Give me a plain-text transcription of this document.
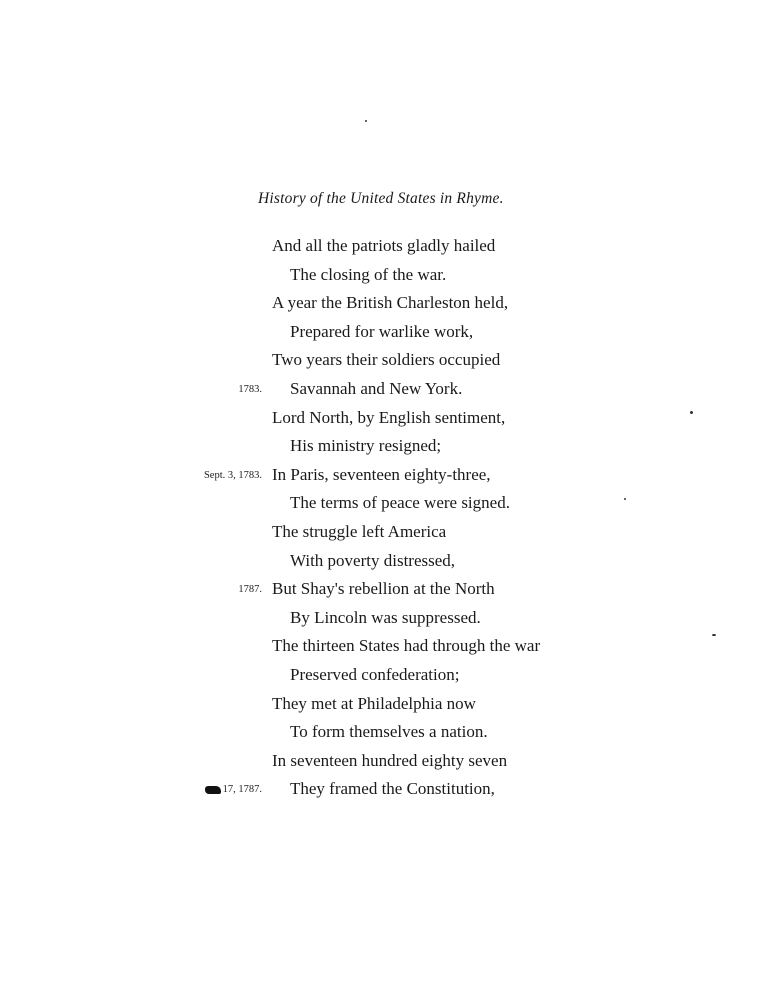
History of the United States in Rhyme.
And all the patriots gladly hailed
The closing of the war.
A year the British Charleston held,
Prepared for warlike work,
Two years their soldiers occupied
1783. Savannah and New York.
Lord North, by English sentiment,
His ministry resigned;
Sept. 3, 1783. In Paris, seventeen eighty-three,
The terms of peace were signed.
The struggle left America
With poverty distressed,
1787. But Shay's rebellion at the North
By Lincoln was suppressed.
The thirteen States had through the war
Preserved confederation;
They met at Philadelphia now
To form themselves a nation.
In seventeen hundred eighty seven
17, 1787. They framed the Constitution,
